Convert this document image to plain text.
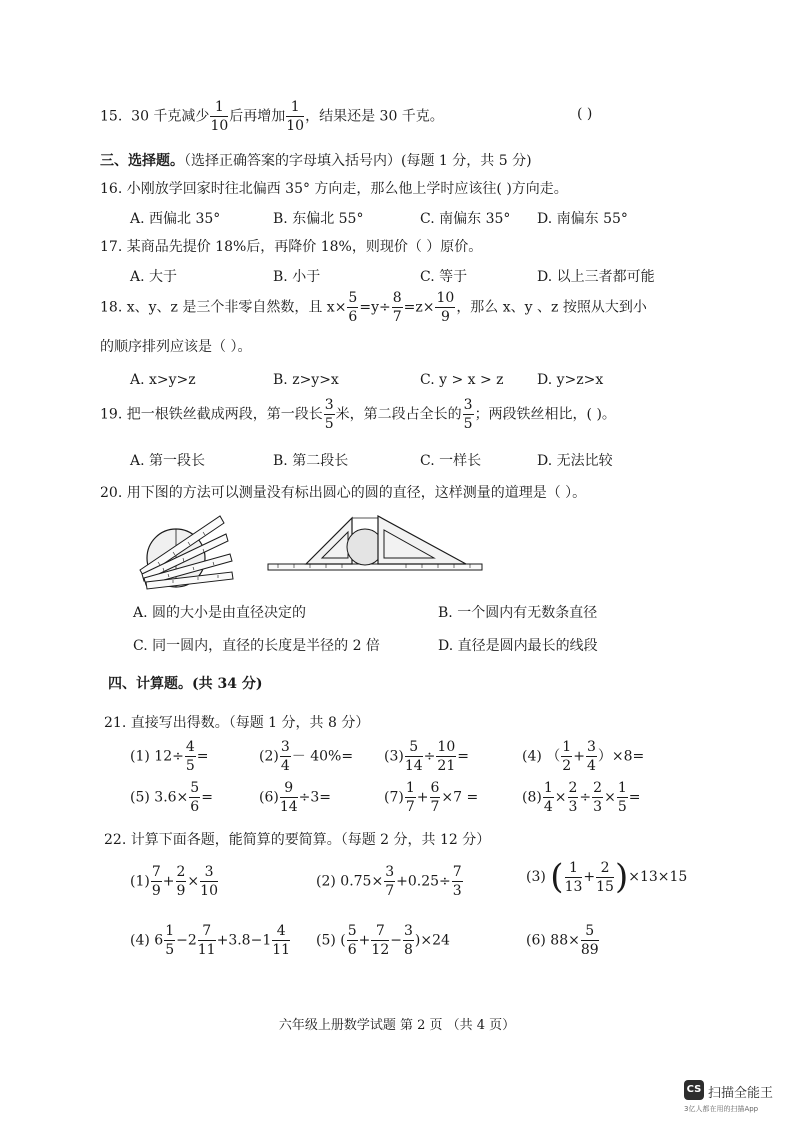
15. 30 千克减少 $\frac{1}{10}$ 后再增加 $\frac{1}{10}$ ，结果还是 30 千克。	( )
三、选择题。（选择正确答案的字母填入括号内）(每题 1 分，共 5 分)
16. 小刚放学回家时往北偏西 35° 方向走，那么他上学时应该往( )方向走。
A. 西偏北 35°	B. 东偏北 55°	C. 南偏东 35° D. 南偏东 55°
17. 某商品先提价 18%后，再降价 18%，则现价（ ）原价。
A. 大于	B. 小于	C. 等于	D. 以上三者都可能
18. x、y、z 是三个非零自然数，且 $x\times \frac{5}{6} =y\div \frac{8}{7} =z\times \frac{10}{9}$ ，那么 x、y 、z 按照从大到小
的顺序排列应该是（ ）。
A. x>y>z	B. z>y>x	C. y > x > z D. y>z>x
19. 把一根铁丝截成两段，第一段长 $\frac{3}{5}$ 米，第二段占全长的 $\frac{3}{5}$ ；两段铁丝相比，( )。
A. 第一段长	B. 第二段长	C. 一样长	D. 无法比较
20. 用下图的方法可以测量没有标出圆心的圆的直径，这样测量的道理是（ ）。
A. 圆的大小是由直径决定的	B. 一个圆内有无数条直径
C. 同一圆内，直径的长度是半径的 2 倍	D. 直径是圆内最长的线段
四、计算题。(共 34 分)
21. 直接写出得数。（每题 1 分，共 8 分）
(1) $12\div \frac{4}{5}$ =	$(2) \frac{3}{4} - 40\%= (3) \frac{5}{14} \div \frac{10}{21}$ =	(4) （ $\frac{1}{2} + \frac{3}{4} )\times 8=$
(5) $3.6\times \frac{5}{6}$ =	$(6) \frac{9}{14} \div 3=$	$(7) \frac{1}{7} + \frac{6}{7} \times 7$ =	$(8) \frac{1}{4} \times \frac{2}{3} \div \frac{2}{3} \times \frac{1}{5}$ =
22. 计算下面各题，能简算的要简算。（每题 2 分，共 12 分）
$(1) \frac{7}{9} + \frac{2}{9} \times \frac{3}{10}$	(2) $0.75\times \frac{3}{7} +0.25\div \frac{7}{3}$	(3) ( $\frac{1}{13} + \frac{2}{15} )\times 13\times 15$
(4) $6 \frac{1}{5} -2 \frac{7}{11} +3.8-1 \frac{4}{11} (5)$ ( $\frac{5}{6} + \frac{7}{12} - \frac{3}{8} )\times 24$	(6) $88\times \frac{5}{89}$
六年级上册数学试题 第 2 页 （共 4 页）
CS 扫描全能王
3亿人都在用的扫描App
